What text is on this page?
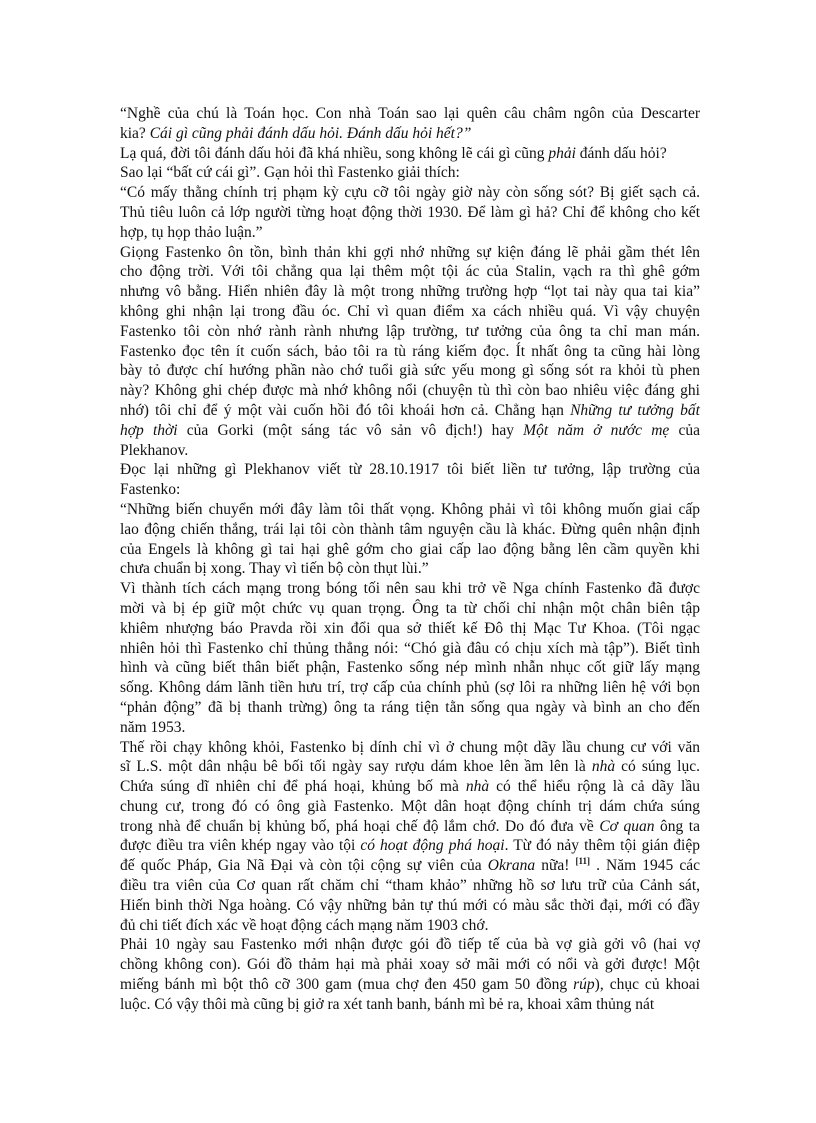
“Nghề của chú là Toán học. Con nhà Toán sao lại quên câu châm ngôn của Descarter
kia? Cái gì cũng phải đánh dấu hỏi. Đánh dấu hỏi hết?”
Lạ quá, đời tôi đánh dấu hỏi đã khá nhiều, song không lẽ cái gì cũng phải đánh dấu hỏi?
Sao lại “bất cứ cái gì”. Gạn hỏi thì Fastenko giải thích:
“Có mấy thằng chính trị phạm kỳ cựu cỡ tôi ngày giờ này còn sống sót? Bị giết sạch cả.
Thủ tiêu luôn cả lớp người từng hoạt động thời 1930. Để làm gì hả? Chỉ để không cho kết
hợp, tụ họp thảo luận.”
Giọng Fastenko ôn tồn, bình thản khi gợi nhớ những sự kiện đáng lẽ phải gầm thét lên
cho động trời. Với tôi chẳng qua lại thêm một tội ác của Stalin, vạch ra thì ghê gớm
nhưng vô bằng. Hiển nhiên đây là một trong những trường hợp “lọt tai này qua tai kia”
không ghi nhận lại trong đầu óc. Chỉ vì quan điểm xa cách nhiều quá. Vì vậy chuyện
Fastenko tôi còn nhớ rành rành nhưng lập trường, tư tưởng của ông ta chỉ man mán.
Fastenko đọc tên ít cuốn sách, bảo tôi ra tù ráng kiếm đọc. Ít nhất ông ta cũng hài lòng
bày tỏ được chí hướng phần nào chớ tuổi già sức yếu mong gì sống sót ra khỏi tù phen
này? Không ghi chép được mà nhớ không nổi (chuyện tù thì còn bao nhiêu việc đáng ghi
nhớ) tôi chỉ để ý một vài cuốn hồi đó tôi khoái hơn cả. Chẳng hạn Những tư tưởng bất
hợp thời của Gorki (một sáng tác vô sản vô địch!) hay Một năm ở nước mẹ của
Plekhanov.
Đọc lại những gì Plekhanov viết từ 28.10.1917 tôi biết liền tư tưởng, lập trường của
Fastenko:
“Những biến chuyển mới đây làm tôi thất vọng. Không phải vì tôi không muốn giai cấp
lao động chiến thắng, trái lại tôi còn thành tâm nguyện cầu là khác. Đừng quên nhận định
của Engels là không gì tai hại ghê gớm cho giai cấp lao động bằng lên cầm quyền khi
chưa chuẩn bị xong. Thay vì tiến bộ còn thụt lùi.”
Vì thành tích cách mạng trong bóng tối nên sau khi trở về Nga chính Fastenko đã được
mời và bị ép giữ một chức vụ quan trọng. Ông ta từ chối chỉ nhận một chân biên tập
khiêm nhượng báo Pravda rồi xin đổi qua sở thiết kế Đô thị Mạc Tư Khoa. (Tôi ngạc
nhiên hỏi thì Fastenko chỉ thủng thẳng nói: “Chó già đâu có chịu xích mà tập”). Biết tình
hình và cũng biết thân biết phận, Fastenko sống nép mình nhẫn nhục cốt giữ lấy mạng
sống. Không dám lãnh tiền hưu trí, trợ cấp của chính phủ (sợ lôi ra những liên hệ với bọn
“phản động” đã bị thanh trừng) ông ta ráng tiện tằn sống qua ngày và bình an cho đến
năm 1953.
Thế rồi chạy không khỏi, Fastenko bị dính chỉ vì ở chung một dãy lầu chung cư với văn
sĩ L.S. một dân nhậu bê bối tối ngày say rượu dám khoe lên ầm lên là nhà có súng lục.
Chứa súng dĩ nhiên chỉ để phá hoại, khủng bố mà nhà có thể hiểu rộng là cả dãy lầu
chung cư, trong đó có ông già Fastenko. Một dân hoạt động chính trị dám chứa súng
trong nhà để chuẩn bị khủng bố, phá hoại chế độ lắm chớ. Do đó đưa về Cơ quan ông ta
được điều tra viên khép ngay vào tội có hoạt động phá hoại. Từ đó nảy thêm tội gián điệp
đế quốc Pháp, Gia Nã Đại và còn tội cộng sự viên của Okrana nữa! [11] . Năm 1945 các
điều tra viên của Cơ quan rất chăm chỉ “tham khảo” những hồ sơ lưu trữ của Cảnh sát,
Hiến binh thời Nga hoàng. Có vậy những bản tự thú mới có màu sắc thời đại, mới có đầy
đủ chi tiết đích xác về hoạt động cách mạng năm 1903 chớ.
Phải 10 ngày sau Fastenko mới nhận được gói đồ tiếp tế của bà vợ già gởi vô (hai vợ
chồng không con). Gói đồ thảm hại mà phải xoay sở mãi mới có nổi và gởi được! Một
miếng bánh mì bột thô cỡ 300 gam (mua chợ đen 450 gam 50 đồng rúp), chục củ khoai
luộc. Có vậy thôi mà cũng bị giở ra xét tanh banh, bánh mì bẻ ra, khoai xâm thủng nát
